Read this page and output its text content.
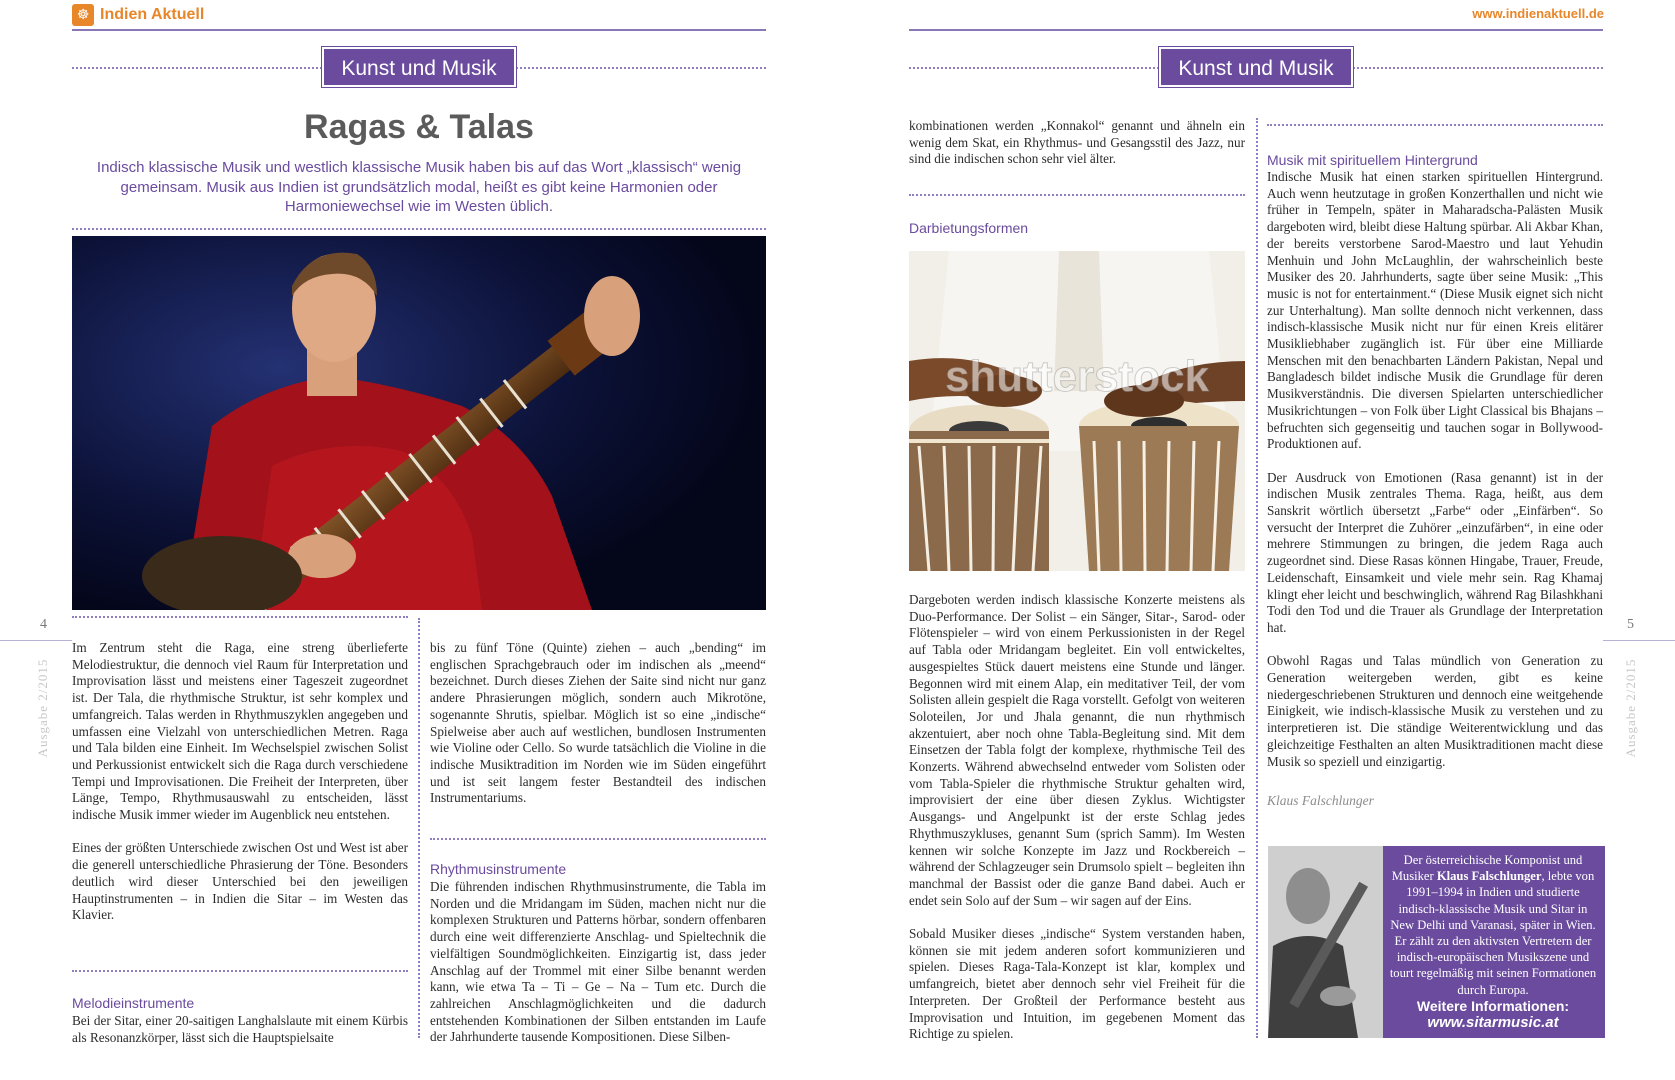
☸ Indien Aktuell	www.indienaktuell.de
Kunst und Musik
Ragas & Talas
Indisch klassische Musik und westlich klassische Musik haben bis auf das Wort „klassisch“ wenig gemeinsam. Musik aus Indien ist grundsätzlich modal, heißt es gibt keine Harmonien oder Harmoniewechsel wie im Westen üblich.

Im Zentrum steht die Raga, eine streng überlieferte Melodiestruktur, die dennoch viel Raum für Interpretation und Improvisation lässt und meistens einer Tageszeit zugeordnet ist. Der Tala, die rhythmische Struktur, ist sehr komplex und umfangreich. Talas werden in Rhythmuszyklen angegeben und umfassen eine Vielzahl von unterschiedlichen Metren. Raga und Tala bilden eine Einheit. Im Wechselspiel zwischen Solist und Perkussionist entwickelt sich die Raga durch verschiedene Tempi und Improvisationen. Die Freiheit der Interpreten, über Länge, Tempo, Rhythmusauswahl zu entscheiden, lässt indische Musik immer wieder im Augenblick neu entstehen.

Eines der größten Unterschiede zwischen Ost und West ist aber die generell unterschiedliche Phrasierung der Töne. Besonders deutlich wird dieser Unterschied bei den jeweiligen Hauptinstrumenten – in Indien die Sitar – im Westen das Klavier.

Melodieinstrumente

Bei der Sitar, einer 20-saitigen Langhalslaute mit einem Kürbis als Resonanzkörper, lässt sich die Hauptspielsaite

bis zu fünf Töne (Quinte) ziehen – auch „bending“ im englischen Sprachgebrauch oder im indischen als „meend“ bezeichnet. Durch dieses Ziehen der Saite sind nicht nur ganz andere Phrasierungen möglich, sondern auch Mikrotöne, sogenannte Shrutis, spielbar. Möglich ist so eine „indische“ Spielweise aber auch auf westlichen, bundlosen Instrumenten wie Violine oder Cello. So wurde tatsächlich die Violine in die indische Musiktradition im Norden wie im Süden eingeführt und ist seit langem fester Bestandteil des indischen Instrumentariums.

Rhythmusinstrumente

Die führenden indischen Rhythmusinstrumente, die Tabla im Norden und die Mridangam im Süden, machen nicht nur die komplexen Strukturen und Patterns hörbar, sondern offenbaren durch eine weit differenzierte Anschlag- und Spieltechnik die vielfältigen Soundmöglichkeiten. Einzigartig ist, dass jeder Anschlag auf der Trommel mit einer Silbe benannt werden kann, wie etwa Ta – Ti – Ge – Na – Tum etc. Durch die zahlreichen Anschlagmöglichkeiten und die dadurch entstehenden Kombinationen der Silben entstanden im Laufe der Jahrhunderte tausende Kompositionen. Diese Silben-

4
Ausgabe 2/2015
Kunst und Musik

kombinationen werden „Konnakol“ genannt und ähneln ein wenig dem Skat, ein Rhythmus- und Gesangsstil des Jazz, nur sind die indischen schon sehr viel älter.

Darbietungsformen
shutterstock

Dargeboten werden indisch klassische Konzerte meistens als Duo-Performance. Der Solist – ein Sänger, Sitar-, Sarod- oder Flötenspieler – wird von einem Perkussionisten in der Regel auf Tabla oder Mridangam begleitet. Ein voll entwickeltes, ausgespieltes Stück dauert meistens eine Stunde und länger. Begonnen wird mit einem Alap, ein meditativer Teil, der vom Solisten allein gespielt die Raga vorstellt. Gefolgt von weiteren Soloteilen, Jor und Jhala genannt, die nun rhythmisch akzentuiert, aber noch ohne Tabla-Begleitung sind. Mit dem Einsetzen der Tabla folgt der komplexe, rhythmische Teil des Konzerts. Während abwechselnd entweder vom Solisten oder vom Tabla-Spieler die rhythmische Struktur gehalten wird, improvisiert der eine über diesen Zyklus. Wichtigster Ausgangs- und Angelpunkt ist der erste Schlag jedes Rhythmuszykluses, genannt Sum (sprich Samm). Im Westen kennen wir solche Konzepte im Jazz und Rockbereich – während der Schlagzeuger sein Drumsolo spielt – begleiten ihn manchmal der Bassist oder die ganze Band dabei. Auch er endet sein Solo auf der Sum – wir sagen auf der Eins.

Sobald Musiker dieses „indische“ System verstanden haben, können sie mit jedem anderen sofort kommunizieren und spielen. Dieses Raga-Tala-Konzept ist klar, komplex und umfangreich, bietet aber dennoch sehr viel Freiheit für die Interpreten. Der Großteil der Performance besteht aus Improvisation und Intuition, im gegebenen Moment das Richtige zu spielen.

Musik mit spirituellem Hintergrund

Indische Musik hat einen starken spirituellen Hintergrund. Auch wenn heutzutage in großen Konzerthallen und nicht wie früher in Tempeln, später in Maharadscha-Palästen Musik dargeboten wird, bleibt diese Haltung spürbar. Ali Akbar Khan, der bereits verstorbene Sarod-Maestro und laut Yehudin Menhuin und John McLaughlin, der wahrscheinlich beste Musiker des 20. Jahrhunderts, sagte über seine Musik: „This music is not for entertainment.“ (Diese Musik eignet sich nicht zur Unterhaltung). Man sollte dennoch nicht verkennen, dass indisch-klassische Musik nicht nur für einen Kreis elitärer Musikliebhaber zugänglich ist. Für über eine Milliarde Menschen mit den benachbarten Ländern Pakistan, Nepal und Bangladesch bildet indische Musik die Grundlage für deren Musikverständnis. Die diversen Spielarten unterschiedlicher Musikrichtungen – von Folk über Light Classical bis Bhajans – befruchten sich gegenseitig und tauchen sogar in Bollywood-Produktionen auf.

Der Ausdruck von Emotionen (Rasa genannt) ist in der indischen Musik zentrales Thema. Raga, heißt, aus dem Sanskrit wörtlich übersetzt „Farbe“ oder „Einfärben“. So versucht der Interpret die Zuhörer „einzufärben“, in eine oder mehrere Stimmungen zu bringen, die jedem Raga auch zugeordnet sind. Diese Rasas können Hingabe, Trauer, Freude, Leidenschaft, Einsamkeit und viele mehr sein. Rag Khamaj klingt eher leicht und beschwinglich, während Rag Bilashkhani Todi den Tod und die Trauer als Grundlage der Interpretation hat.

Obwohl Ragas und Talas mündlich von Generation zu Generation weitergeben werden, gibt es keine niedergeschriebenen Strukturen und dennoch eine weitgehende Einigkeit, wie indisch-klassische Musik zu verstehen und zu interpretieren ist. Die ständige Weiterentwicklung und das gleichzeitige Festhalten an alten Musiktraditionen macht diese Musik so speziell und einzigartig.

Klaus Falschlunger
Der österreichische Komponist und Musiker Klaus Falschlunger, lebte von 1991–1994 in Indien und studierte indisch-klassische Musik und Sitar in New Delhi und Varanasi, später in Wien. Er zählt zu den aktivsten Vertretern der indisch-europäischen Musikszene und tourt regelmäßig mit seinen Formationen durch Europa.
Weitere Informationen:
www.sitarmusic.at
5
Ausgabe 2/2015
